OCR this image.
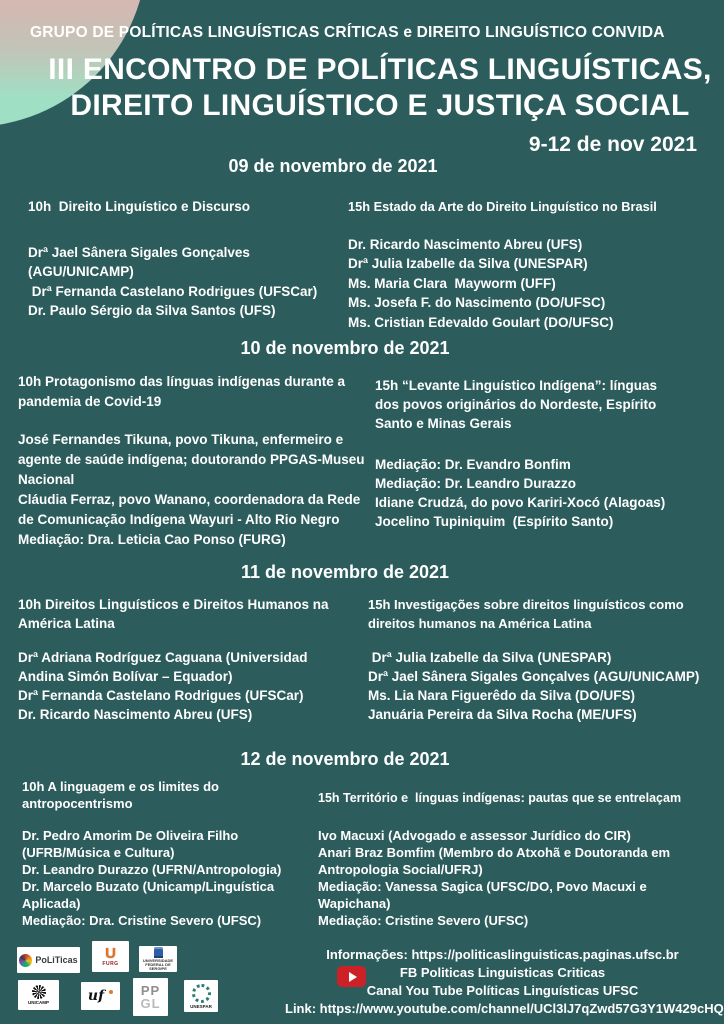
GRUPO DE POLÍTICAS LINGUÍSTICAS CRÍTICAS e DIREITO LINGUÍSTICO CONVIDA
III ENCONTRO DE POLÍTICAS LINGUÍSTICAS,
DIREITO LINGUÍSTICO E JUSTIÇA SOCIAL
9-12 de nov 2021
09 de novembro de 2021
10h  Direito Linguístico e Discurso
Drª Jael Sânera Sigales Gonçalves
(AGU/UNICAMP)
Drª Fernanda Castelano Rodrigues (UFSCar)
Dr. Paulo Sérgio da Silva Santos (UFS)
15h Estado da Arte do Direito Linguístico no Brasil
Dr. Ricardo Nascimento Abreu (UFS)
Drª Julia Izabelle da Silva (UNESPAR)
Ms. Maria Clara  Mayworm (UFF)
Ms. Josefa F. do Nascimento (DO/UFSC)
Ms. Cristian Edevaldo Goulart (DO/UFSC)
10 de novembro de 2021
10h Protagonismo das línguas indígenas durante a
pandemia de Covid-19
José Fernandes Tikuna, povo Tikuna, enfermeiro e
agente de saúde indígena; doutorando PPGAS-Museu
Nacional
Cláudia Ferraz, povo Wanano, coordenadora da Rede
de Comunicação Indígena Wayuri - Alto Rio Negro
Mediação: Dra. Leticia Cao Ponso (FURG)
15h “Levante Linguístico Indígena”: línguas
dos povos originários do Nordeste, Espírito
Santo e Minas Gerais
Mediação: Dr. Evandro Bonfim
Mediação: Dr. Leandro Durazzo
Idiane Crudzá, do povo Kariri-Xocó (Alagoas)
Jocelino Tupiniquim  (Espírito Santo)
11 de novembro de 2021
10h Direitos Linguísticos e Direitos Humanos na
América Latina
Drª Adriana Rodríguez Caguana (Universidad
Andina Simón Bolívar – Equador)
Drª Fernanda Castelano Rodrigues (UFSCar)
Dr. Ricardo Nascimento Abreu (UFS)
15h Investigações sobre direitos linguísticos como
direitos humanos na América Latina
Drª Julia Izabelle da Silva (UNESPAR)
Drª Jael Sânera Sigales Gonçalves (AGU/UNICAMP)
Ms. Lia Nara Figuerêdo da Silva (DO/UFS)
Januária Pereira da Silva Rocha (ME/UFS)
12 de novembro de 2021
10h A linguagem e os limites do
antropocentrismo
Dr. Pedro Amorim De Oliveira Filho
(UFRB/Música e Cultura)
Dr. Leandro Durazzo (UFRN/Antropologia)
Dr. Marcelo Buzato (Unicamp/Linguística
Aplicada)
Mediação: Dra. Cristine Severo (UFSC)
15h Território e  línguas indígenas: pautas que se entrelaçam
Ivo Macuxi (Advogado e assessor Jurídico do CIR)
Anari Braz Bomfim (Membro do Atxohã e Doutoranda em
Antropologia Social/UFRJ)
Mediação: Vanessa Sagica (UFSC/DO, Povo Macuxi e
Wapichana)
Mediação: Cristine Severo (UFSC)
Informações: https://politicaslinguisticas.paginas.ufsc.br
FB Politicas Linguisticas Criticas
Canal You Tube Políticas Linguísticas UFSC
Link: https://www.youtube.com/channel/UCl3lJ7qZwd57G3Y1W429cHQ
PoLiTicas U
FURG
UNIVERSIDADE FEDERAL DE SERGIPE
UNICAMP	uf	PP
GL	UNESPAR
